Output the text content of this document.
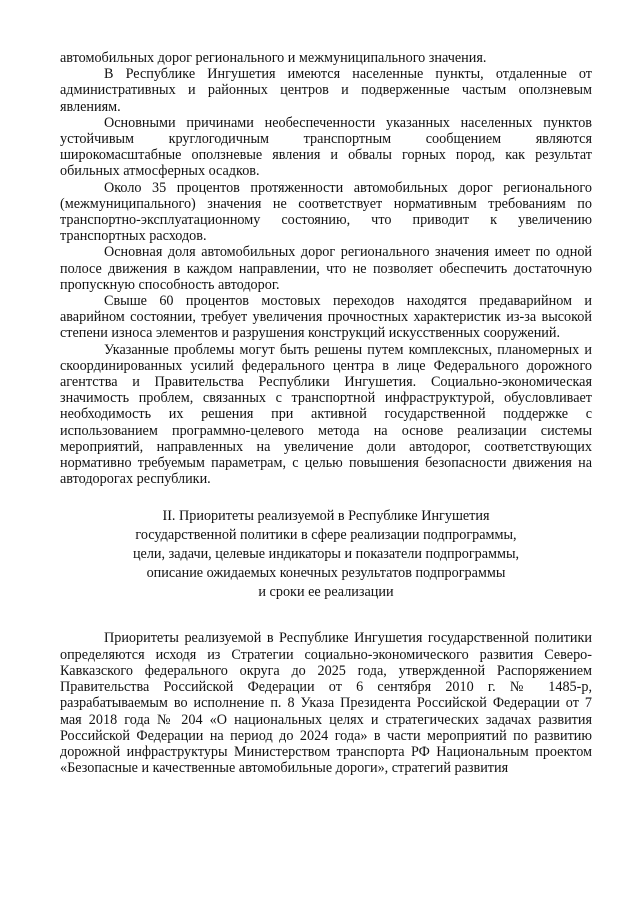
автомобильных дорог регионального и межмуниципального значения.

В Республике Ингушетия имеются населенные пункты, отдаленные от административных и районных центров и подверженные частым оползневым явлениям.

Основными причинами необеспеченности указанных населенных пунктов устойчивым круглогодичным транспортным сообщением являются широкомасштабные оползневые явления и обвалы горных пород, как результат обильных атмосферных осадков.

Около 35 процентов протяженности автомобильных дорог регионального (межмуниципального) значения не соответствует нормативным требованиям по транспортно-эксплуатационному состоянию, что приводит к увеличению транспортных расходов.

Основная доля автомобильных дорог регионального значения имеет по одной полосе движения в каждом направлении, что не позволяет обеспечить достаточную пропускную способность автодорог.

Свыше 60 процентов мостовых переходов находятся предаварийном и аварийном состоянии, требует увеличения прочностных характеристик из-за высокой степени износа элементов и разрушения конструкций искусственных сооружений.

Указанные проблемы могут быть решены путем комплексных, планомерных и скоординированных усилий федерального центра в лице Федерального дорожного агентства и Правительства Республики Ингушетия. Социально-экономическая значимость проблем, связанных с транспортной инфраструктурой, обусловливает необходимость их решения при активной государственной поддержке с использованием программно-целевого метода на основе реализации системы мероприятий, направленных на увеличение доли автодорог, соответствующих нормативно требуемым параметрам, с целью повышения безопасности движения на автодорогах республики.

II. Приоритеты реализуемой в Республике Ингушетия
государственной политики в сфере реализации подпрограммы,
цели, задачи, целевые индикаторы и показатели подпрограммы,
описание ожидаемых конечных результатов подпрограммы
и сроки ее реализации

Приоритеты реализуемой в Республике Ингушетия государственной политики определяются исходя из Стратегии социально-экономического развития Северо-Кавказского федерального округа до 2025 года, утвержденной Распоряжением Правительства Российской Федерации от 6 сентября 2010 г. № 1485-р, разрабатываемым во исполнение п. 8 Указа Президента Российской Федерации от 7 мая 2018 года № 204 «О национальных целях и стратегических задачах развития Российской Федерации на период до 2024 года» в части мероприятий по развитию дорожной инфраструктуры Министерством транспорта РФ Национальным проектом «Безопасные и качественные автомобильные дороги», стратегий развития
